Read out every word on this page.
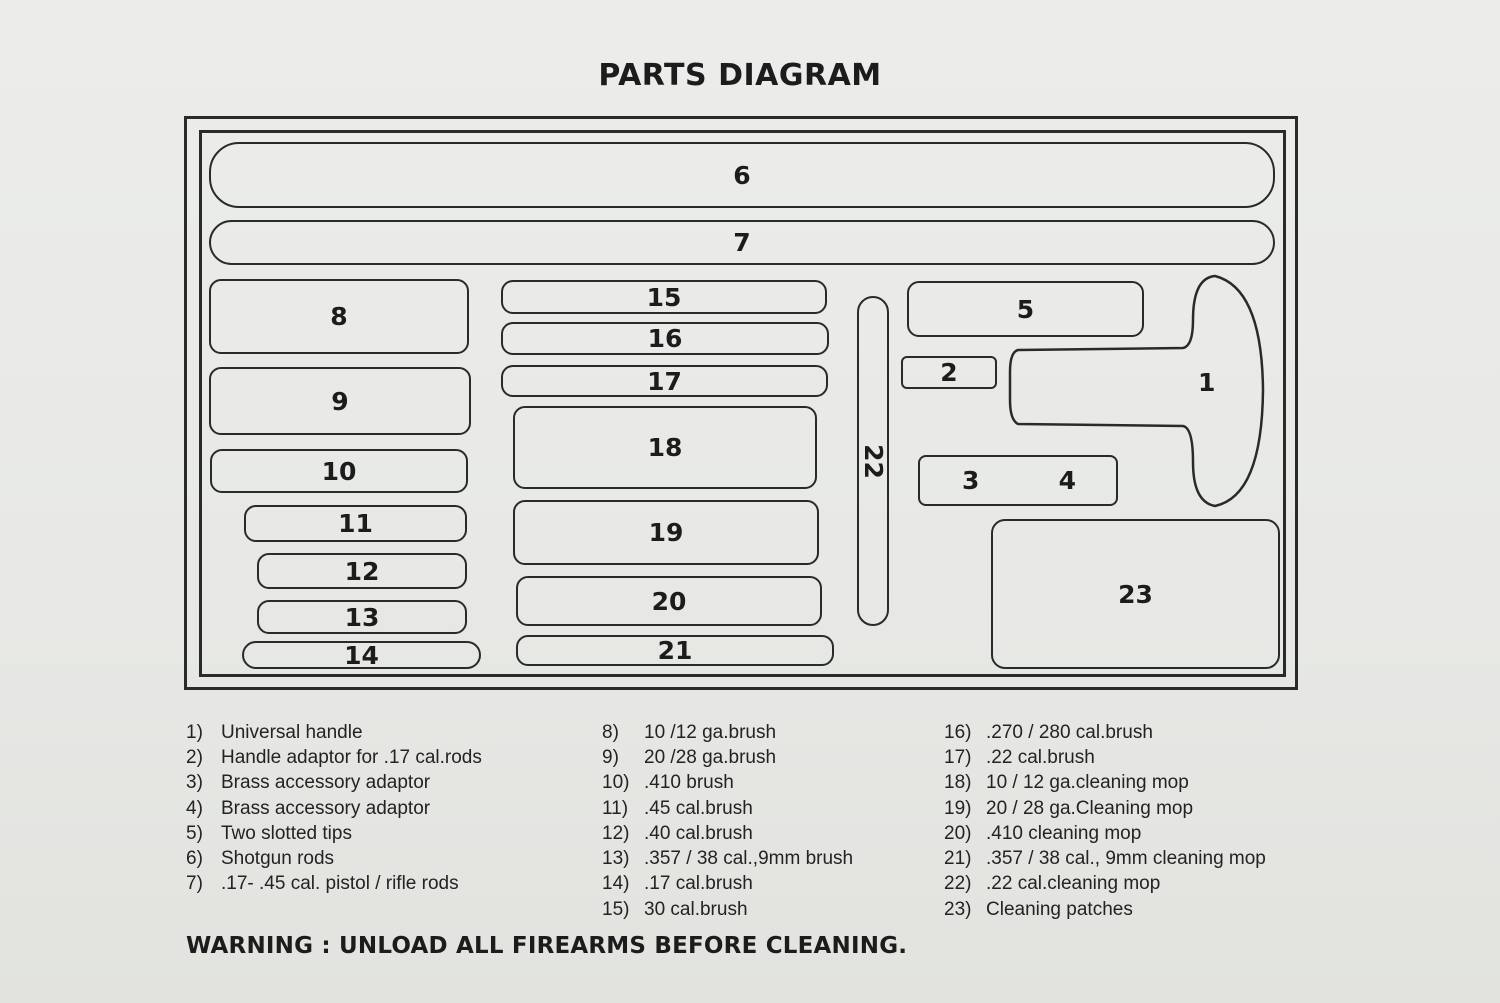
PARTS DIAGRAM
1
6
7
8
9
10
11
12
13
14
15
16
17
18
19
20
21
22
5
2
3	4
23
1) Universal handle
2) Handle adaptor for .17 cal.rods
3) Brass accessory adaptor
4) Brass accessory adaptor
5) Two slotted tips
6) Shotgun rods
7) .17- .45 cal. pistol / rifle rods
8)	10 /12 ga.brush
9)	20 /28 ga.brush
10) .410 brush
11) .45 cal.brush
12) .40 cal.brush
13) .357 / 38 cal.,9mm brush
14) .17 cal.brush
15) 30 cal.brush
16) .270 / 280 cal.brush
17) .22 cal.brush
18) 10 / 12 ga.cleaning mop
19) 20 / 28 ga.Cleaning mop
20) .410 cleaning mop
21) .357 / 38 cal., 9mm cleaning mop
22) .22 cal.cleaning mop
23) Cleaning patches
WARNING : UNLOAD ALL FIREARMS BEFORE CLEANING.
